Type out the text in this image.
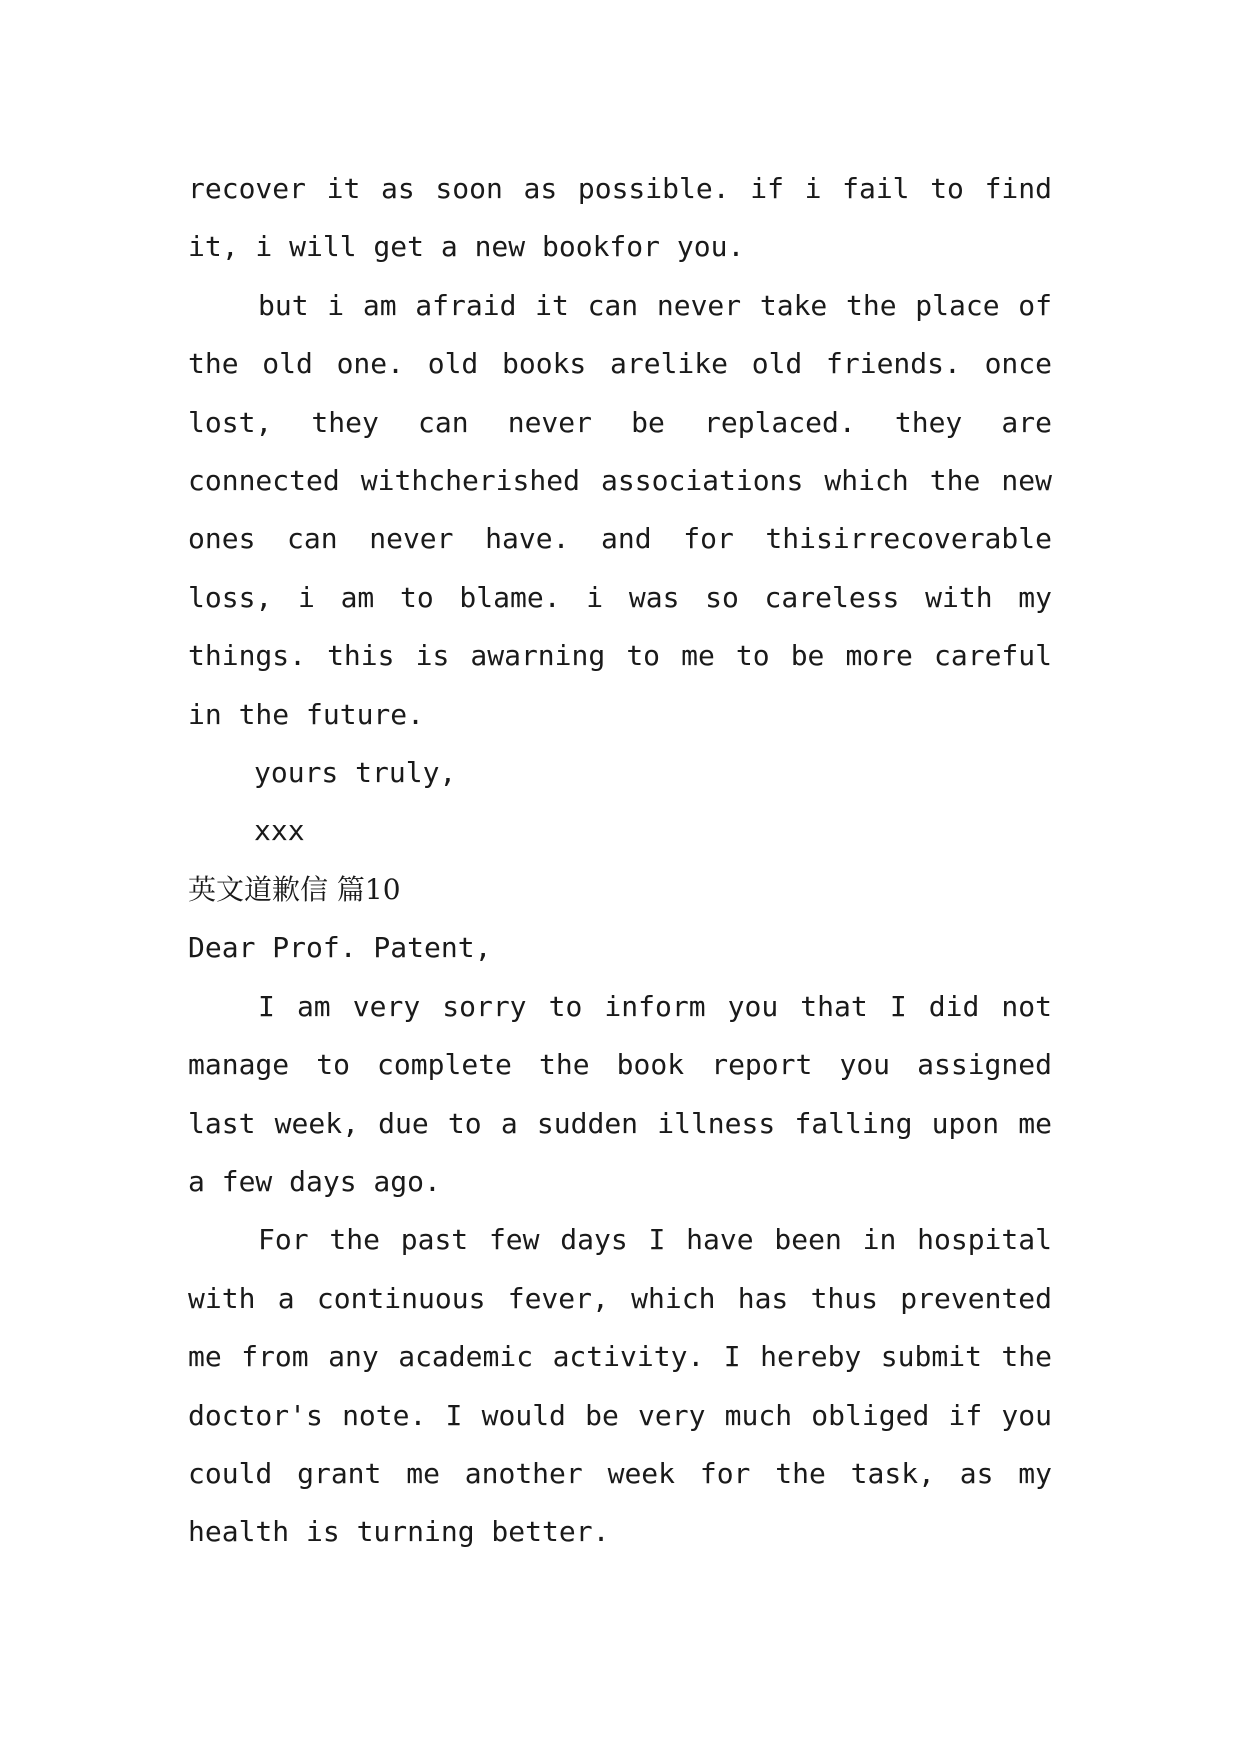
recover it as soon as possible. if i fail to find it, i will get a new bookfor you.

but i am afraid it can never take the place of the old one. old books arelike old friends. once lost, they can never be replaced. they are connected withcherished associations which the new ones can never have. and for thisirrecoverable loss, i am to blame. i was so careless with my things. this is awarning to me to be more careful in the future.

yours truly,

xxx

英文道歉信 篇10

Dear Prof. Patent,

I am very sorry to inform you that I did not manage to complete the book report you assigned last week, due to a sudden illness falling upon me a few days ago.

For the past few days I have been in hospital with a continuous fever, which has thus prevented me from any academic activity. I hereby submit the doctor's note. I would be very much obliged if you could grant me another week for the task, as my health is turning better.
